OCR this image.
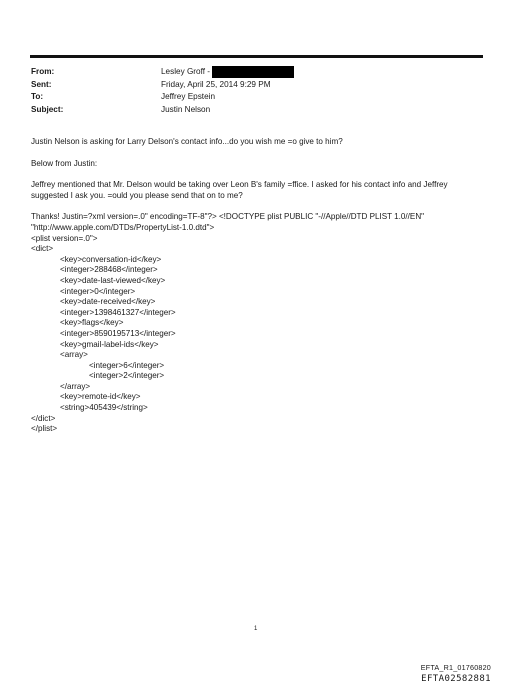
From:	Lesley Groff -
Sent:	Friday, April 25, 2014 9:29 PM
To:	Jeffrey Epstein
Subject:	Justin Nelson

Justin Nelson is asking for Larry Delson's contact info...do you wish me =o give to him?

Below from Justin:

Jeffrey mentioned that Mr. Delson would be taking over Leon B's family =ffice. I asked for his contact info and Jeffrey
suggested I ask you. =ould you please send that on to me?

Thanks! Justin=?xml version=.0" encoding=TF-8"?> <!DOCTYPE plist PUBLIC "-//Apple//DTD PLIST 1.0//EN"
"http://www.apple.com/DTDs/PropertyList-1.0.dtd">
<plist version=.0">
<dict>
<key>conversation-id</key>
<integer>288468</integer>
<key>date-last-viewed</key>
<integer>0</integer>
<key>date-received</key>
<integer>1398461327</integer>
<key>flags</key>
<integer>8590195713</integer>
<key>gmail-label-ids</key>
<array>
<integer>6</integer>
<integer>2</integer>
</array>
<key>remote-id</key>
<string>405439</string>
</dict>
</plist>
1
EFTA_R1_01760820
EFTA02582881
